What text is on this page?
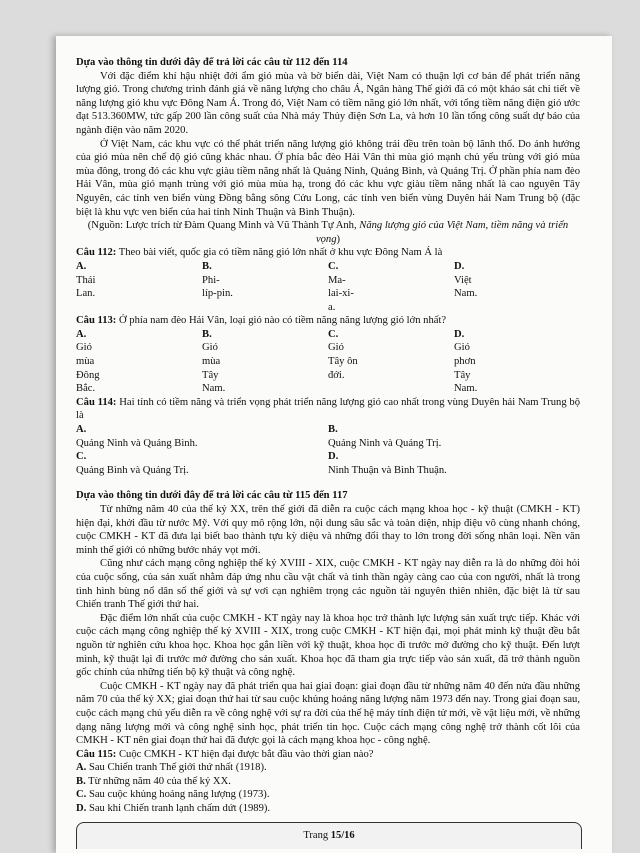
Dựa vào thông tin dưới đây để trả lời các câu từ 112 đến 114

Với đặc điểm khí hậu nhiệt đới ẩm gió mùa và bờ biển dài, Việt Nam có thuận lợi cơ bản để phát triển năng lượng gió. Trong chương trình đánh giá về năng lượng cho châu Á, Ngân hàng Thế giới đã có một khảo sát chi tiết về năng lượng gió khu vực Đông Nam Á. Trong đó, Việt Nam có tiềm năng gió lớn nhất, với tổng tiềm năng điện gió ước đạt 513.360MW, tức gấp 200 lần công suất của Nhà máy Thủy điện Sơn La, và hơn 10 lần tổng công suất dự báo của ngành điện vào năm 2020.

Ở Việt Nam, các khu vực có thể phát triển năng lượng gió không trải đều trên toàn bộ lãnh thổ. Do ảnh hưởng của gió mùa nên chế độ gió cũng khác nhau. Ở phía bắc đèo Hải Vân thì mùa gió mạnh chủ yếu trùng với gió mùa mùa đông, trong đó các khu vực giàu tiềm năng nhất là Quảng Ninh, Quảng Bình, và Quảng Trị. Ở phần phía nam đèo Hải Vân, mùa gió mạnh trùng với gió mùa mùa hạ, trong đó các khu vực giàu tiềm năng nhất là cao nguyên Tây Nguyên, các tỉnh ven biển vùng Đồng bằng sông Cửu Long, các tỉnh ven biển vùng Duyên hải Nam Trung bộ (đặc biệt là khu vực ven biển của hai tỉnh Ninh Thuận và Bình Thuận).

(Nguồn: Lược trích từ Đàm Quang Minh và Vũ Thành Tự Anh, Năng lượng gió của Việt Nam, tiềm năng và triển vọng)

Câu 112: Theo bài viết, quốc gia có tiềm năng gió lớn nhất ở khu vực Đông Nam Á là

A.
Thái Lan.
B.
Phi-líp-pin.
C.
Ma-lai-xi-a.
D.
Việt Nam.

Câu 113: Ở phía nam đèo Hải Vân, loại gió nào có tiềm năng năng lượng gió lớn nhất?

A.
Gió mùa Đông Bắc.
B.
Gió mùa Tây Nam.
C.
Gió Tây ôn đới.
D.
Gió phơn Tây Nam.

Câu 114: Hai tỉnh có tiềm năng và triển vọng phát triển năng lượng gió cao nhất trong vùng Duyên hải Nam Trung bộ là

A.
Quảng Ninh và Quảng Bình.
B.
Quảng Ninh và Quảng Trị.
C.
Quảng Bình và Quảng Trị.
D.
Ninh Thuận và Bình Thuận.

Dựa vào thông tin dưới đây để trả lời các câu từ 115 đến 117

Từ những năm 40 của thế kỷ XX, trên thế giới đã diễn ra cuộc cách mạng khoa học - kỹ thuật (CMKH - KT) hiện đại, khởi đầu từ nước Mỹ. Với quy mô rộng lớn, nội dung sâu sắc và toàn diện, nhịp điệu vô cùng nhanh chóng, cuộc CMKH - KT đã đưa lại biết bao thành tựu kỳ diệu và những đổi thay to lớn trong đời sống nhân loại. Nền văn minh thế giới có những bước nhảy vọt mới.

Cũng như cách mạng công nghiệp thế kỷ XVIII - XIX, cuộc CMKH - KT ngày nay diễn ra là do những đòi hỏi của cuộc sống, của sản xuất nhằm đáp ứng nhu cầu vật chất và tinh thần ngày càng cao của con người, nhất là trong tình hình bùng nổ dân số thế giới và sự vơi cạn nghiêm trọng các nguồn tài nguyên thiên nhiên, đặc biệt là từ sau Chiến tranh Thế giới thứ hai.

Đặc điểm lớn nhất của cuộc CMKH - KT ngày nay là khoa học trở thành lực lượng sản xuất trực tiếp. Khác với cuộc cách mạng công nghiệp thế kỷ XVIII - XIX, trong cuộc CMKH - KT hiện đại, mọi phát minh kỹ thuật đều bắt nguồn từ nghiên cứu khoa học. Khoa học gắn liền với kỹ thuật, khoa học đi trước mở đường cho kỹ thuật. Đến lượt mình, kỹ thuật lại đi trước mở đường cho sản xuất. Khoa học đã tham gia trực tiếp vào sản xuất, đã trở thành nguồn gốc chính của những tiến bộ kỹ thuật và công nghệ.

Cuộc CMKH - KT ngày nay đã phát triển qua hai giai đoạn: giai đoạn đầu từ những năm 40 đến nửa đầu những năm 70 của thế kỷ XX; giai đoạn thứ hai từ sau cuộc khủng hoảng năng lượng năm 1973 đến nay. Trong giai đoạn sau, cuộc cách mạng chủ yếu diễn ra về công nghệ với sự ra đời của thế hệ máy tính điện tử mới, về vật liệu mới, về những dạng năng lượng mới và công nghệ sinh học, phát triển tin học. Cuộc cách mạng công nghệ trở thành cốt lõi của CMKH - KT nên giai đoạn thứ hai đã được gọi là cách mạng khoa học - công nghệ.

Câu 115: Cuộc CMKH - KT hiện đại được bắt đầu vào thời gian nào?

A. Sau Chiến tranh Thế giới thứ nhất (1918).

B. Từ những năm 40 của thế kỷ XX.

C. Sau cuộc khủng hoảng năng lượng (1973).

D. Sau khi Chiến tranh lạnh chấm dứt (1989).

Trang 15/16
